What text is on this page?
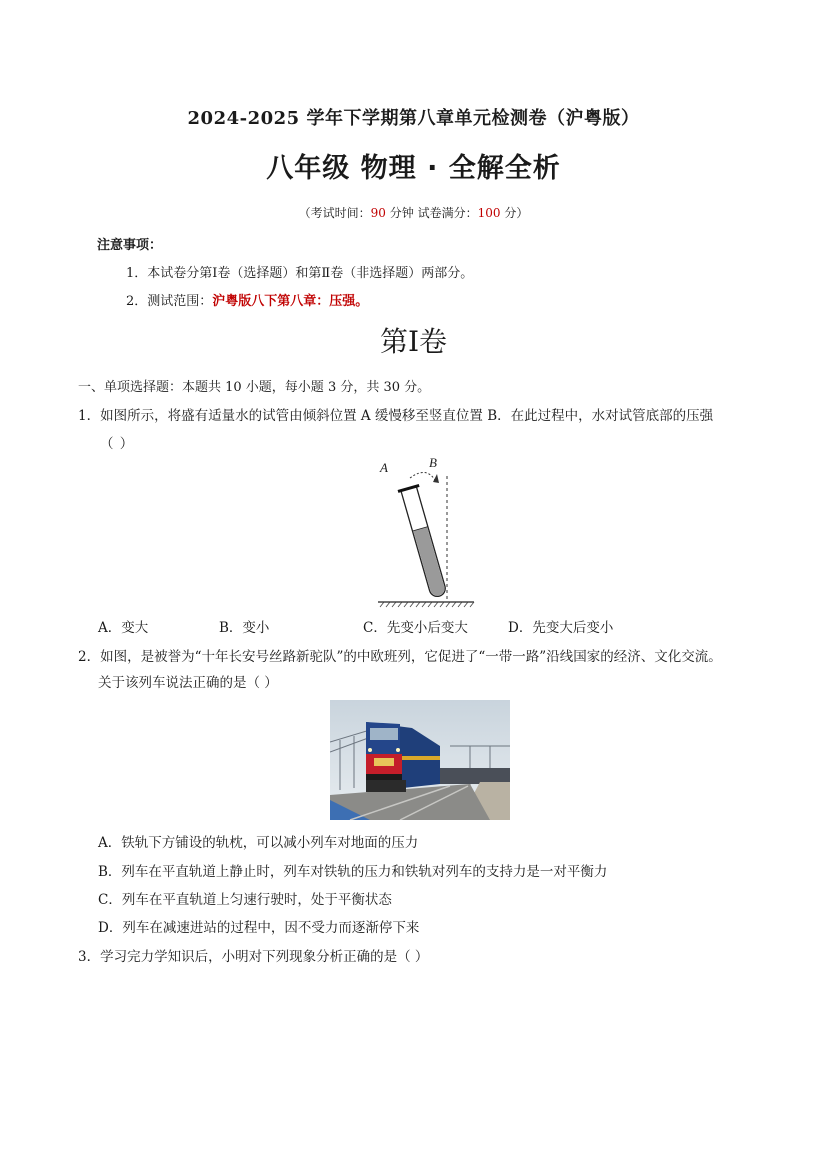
2024-2025 学年下学期第八章单元检测卷（沪粤版）
八年级 物理 · 全解全析
（考试时间：90 分钟 试卷满分：100 分）
注意事项：
1．本试卷分第Ⅰ卷（选择题）和第Ⅱ卷（非选择题）两部分。
2．测试范围：沪粤版八下第八章：压强。
第Ⅰ卷
一、单项选择题：本题共 10 小题，每小题 3 分，共 30 分。
1．如图所示，将盛有适量水的试管由倾斜位置 A 缓慢移至竖直位置 B．在此过程中，水对试管底部的压强
（ ）
A	B
A．变大	B．变小	C．先变小后变大	D．先变大后变小
2．如图，是被誉为“十年长安号丝路新驼队”的中欧班列，它促进了“一带一路”沿线国家的经济、文化交流。
关于该列车说法正确的是（ ）
A．铁轨下方铺设的轨枕，可以减小列车对地面的压力
B．列车在平直轨道上静止时，列车对铁轨的压力和铁轨对列车的支持力是一对平衡力
C．列车在平直轨道上匀速行驶时，处于平衡状态
D．列车在减速进站的过程中，因不受力而逐渐停下来
3．学习完力学知识后，小明对下列现象分析正确的是（ ）
